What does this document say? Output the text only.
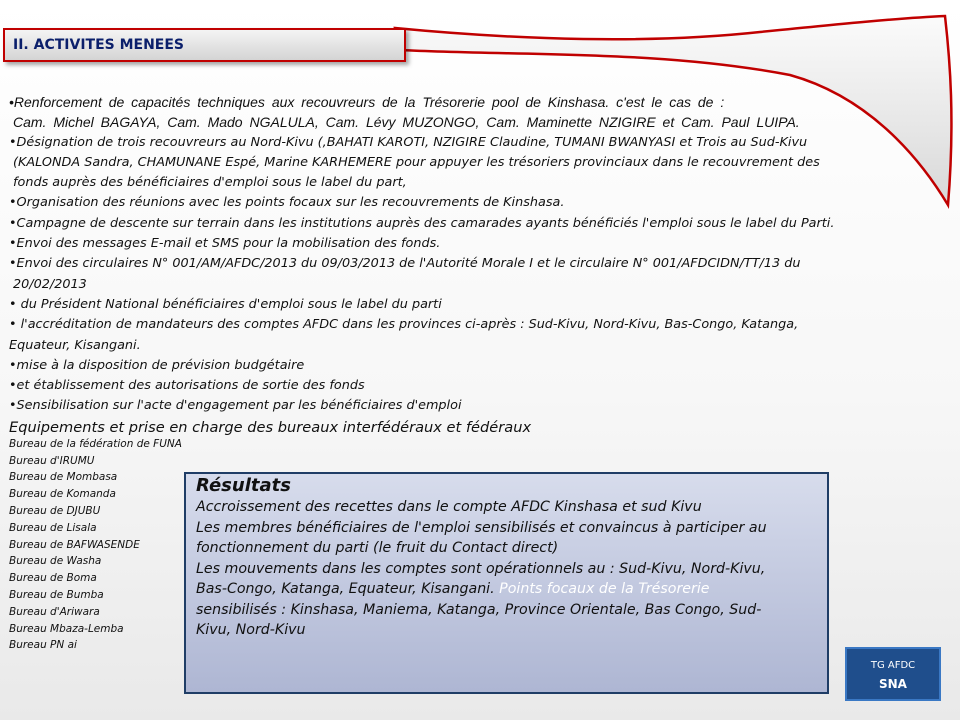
II. ACTIVITES MENEES
•Renforcement de capacités techniques aux recouvreurs de la Trésorerie pool de Kinshasa. c'est le cas de :
Cam. Michel BAGAYA, Cam. Mado NGALULA, Cam. Lévy MUZONGO, Cam. Maminette NZIGIRE et Cam. Paul LUIPA.
•Désignation de trois recouvreurs au Nord-Kivu (,BAHATI KAROTI, NZIGIRE Claudine, TUMANI BWANYASI et Trois au Sud-Kivu
(KALONDA Sandra, CHAMUNANE Espé, Marine KARHEMERE pour appuyer les trésoriers provinciaux dans le recouvrement des
fonds auprès des bénéficiaires d'emploi sous le label du part,
•Organisation des réunions avec les points focaux sur les recouvrements de Kinshasa.
•Campagne de descente sur terrain dans les institutions auprès des camarades ayants bénéficiés l'emploi sous le label du Parti.
•Envoi des messages E-mail et SMS pour la mobilisation des fonds.
•Envoi des circulaires N° 001/AM/AFDC/2013 du 09/03/2013 de l'Autorité Morale I et le circulaire N° 001/AFDCIDN/TT/13 du
20/02/2013
• du Président National bénéficiaires d'emploi sous le label du parti
• l'accréditation de mandateurs des comptes AFDC dans les provinces ci-après : Sud-Kivu, Nord-Kivu, Bas-Congo, Katanga,
Equateur, Kisangani.
•mise à la disposition de prévision budgétaire
•et établissement des autorisations de sortie des fonds
•Sensibilisation sur l'acte d'engagement par les bénéficiaires d'emploi
Equipements et prise en charge des bureaux interfédéraux et fédéraux
Bureau de la fédération de FUNA
Bureau d'IRUMU
Bureau de Mombasa
Bureau de Komanda
Bureau de DJUBU
Bureau de Lisala
Bureau de BAFWASENDE
Bureau de Washa
Bureau de Boma
Bureau de Bumba
Bureau d'Ariwara
Bureau Mbaza-Lemba
Bureau PN ai
Résultats
Accroissement des recettes dans le compte AFDC Kinshasa et sud Kivu
Les membres bénéficiaires de l'emploi sensibilisés et convaincus à participer au
fonctionnement du parti (le fruit du Contact direct)
Les mouvements dans les comptes sont opérationnels au : Sud-Kivu, Nord-Kivu,
Bas-Congo, Katanga, Equateur, Kisangani. Points focaux de la Trésorerie
sensibilisés : Kinshasa, Maniema, Katanga, Province Orientale, Bas Congo, Sud-
Kivu, Nord-Kivu
TG AFDC
SNA
